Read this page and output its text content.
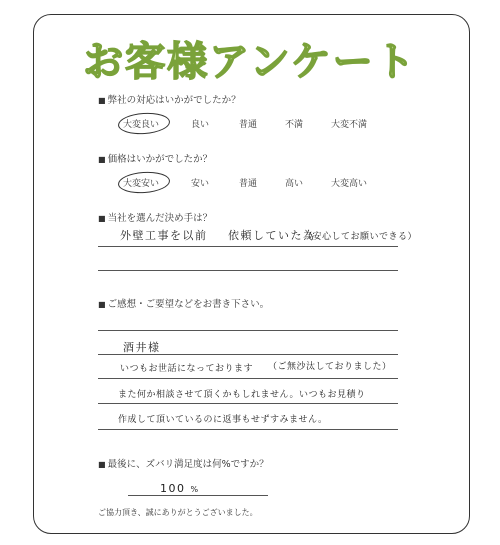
お客様アンケート
■ 弊社の対応はいかがでしたか？
大変良い	良い	普通	不満	大変不満
■ 価格はいかがでしたか？
大変安い	安い	普通	高い	大変高い
■ 当社を選んだ決め手は？
外壁工事を以前 依頼していた為
（安心してお願いできる）
■ ご感想・ご要望などをお書き下さい。
酒井様
いつもお世話になっております （ご無沙汰しておりました）
また何か相談させて頂くかもしれません。いつもお見積り
作成して頂いているのに返事もせずすみません。
■ 最後に、ズバリ満足度は何%ですか？
100 %
ご協力頂き、誠にありがとうございました。
